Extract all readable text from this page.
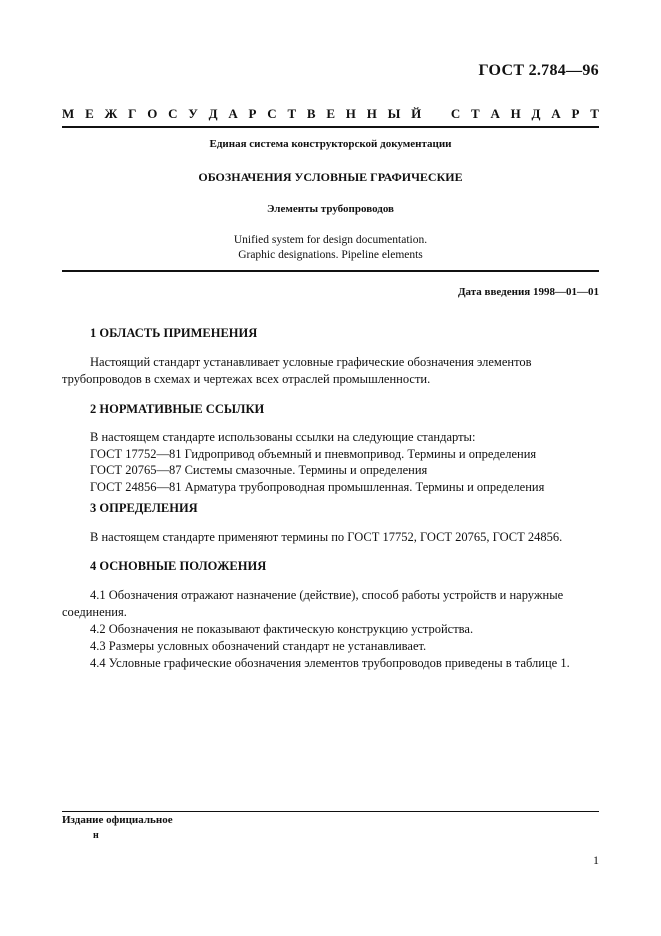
ГОСТ 2.784—96
М Е Ж Г О С У Д А Р С Т В Е Н Н Ы Й С Т А Н Д А Р Т
Единая система конструкторской документации
ОБОЗНАЧЕНИЯ УСЛОВНЫЕ ГРАФИЧЕСКИЕ
Элементы трубопроводов
Unified system for design documentation.
Graphic designations. Pipeline elements
Дата введения 1998—01—01
1 ОБЛАСТЬ ПРИМЕНЕНИЯ
Настоящий стандарт устанавливает условные графические обозначения элементов трубопроводов в схемах и чертежах всех отраслей промышленности.
2 НОРМАТИВНЫЕ ССЫЛКИ
В настоящем стандарте использованы ссылки на следующие стандарты:
ГОСТ 17752—81 Гидропривод объемный и пневмопривод. Термины и определения
ГОСТ 20765—87 Системы смазочные. Термины и определения
ГОСТ 24856—81 Арматура трубопроводная промышленная. Термины и определения
3 ОПРЕДЕЛЕНИЯ
В настоящем стандарте применяют термины по ГОСТ 17752, ГОСТ 20765, ГОСТ 24856.
4 ОСНОВНЫЕ ПОЛОЖЕНИЯ
4.1 Обозначения отражают назначение (действие), способ работы устройств и наружные соединения.
4.2 Обозначения не показывают фактическую конструкцию устройства.
4.3 Размеры условных обозначений стандарт не устанавливает.
4.4 Условные графические обозначения элементов трубопроводов приведены в таблице 1.
Издание официальное
н
1
